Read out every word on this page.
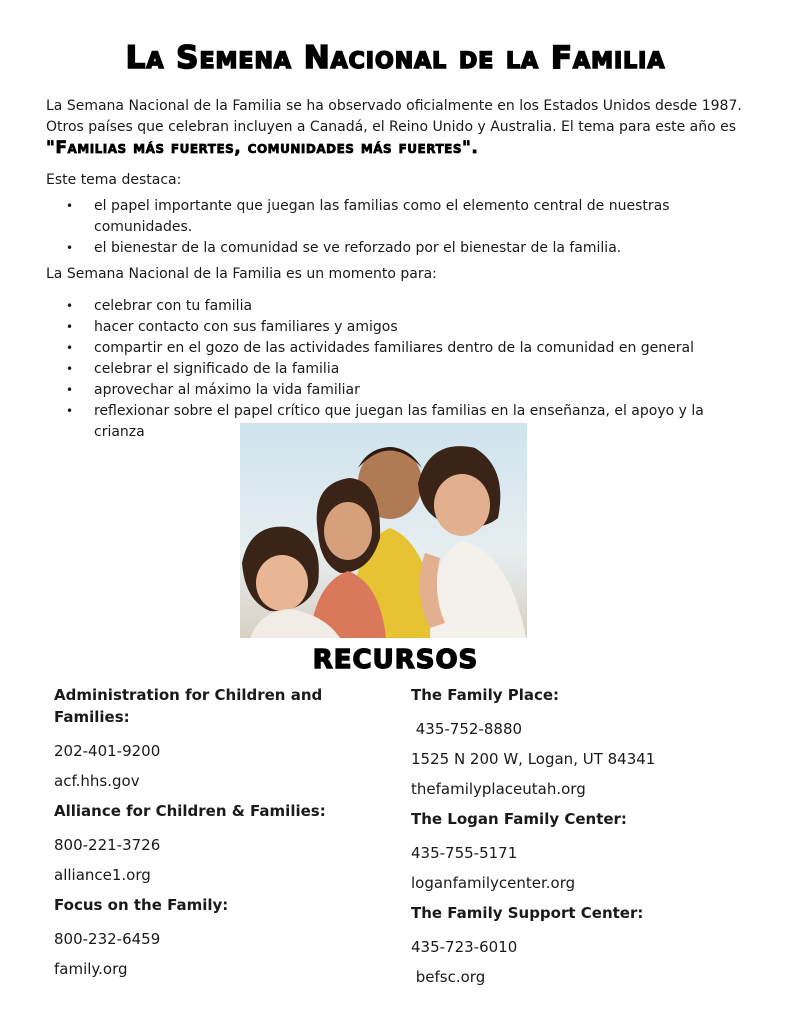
La Semena Nacional de la Familia
La Semana Nacional de la Familia se ha observado oficialmente en los Estados Unidos desde 1987. Otros países que celebran incluyen a Canadá, el Reino Unido y Australia. El tema para este año es "Familias más fuertes, comunidades más fuertes".
Este tema destaca:
• el papel importante que juegan las familias como el elemento central de nuestras comunidades.
• el bienestar de la comunidad se ve reforzado por el bienestar de la familia.
La Semana Nacional de la Familia es un momento para:
• celebrar con tu familia
• hacer contacto con sus familiares y amigos
• compartir en el gozo de las actividades familiares dentro de la comunidad en general
• celebrar el significado de la familia
• aprovechar al máximo la vida familiar
• reflexionar sobre el papel crítico que juegan las familias en la enseñanza, el apoyo y la crianza
RECURSOS
Administration for Children and Families:
202-401-9200
acf.hhs.gov
Alliance for Children & Families:
800-221-3726
alliance1.org
Focus on the Family:
800-232-6459
family.org
The Family Place:
435-752-8880
1525 N 200 W, Logan, UT 84341
thefamilyplaceutah.org
The Logan Family Center:
435-755-5171
loganfamilycenter.org
The Family Support Center:
435-723-6010
befsc.org
